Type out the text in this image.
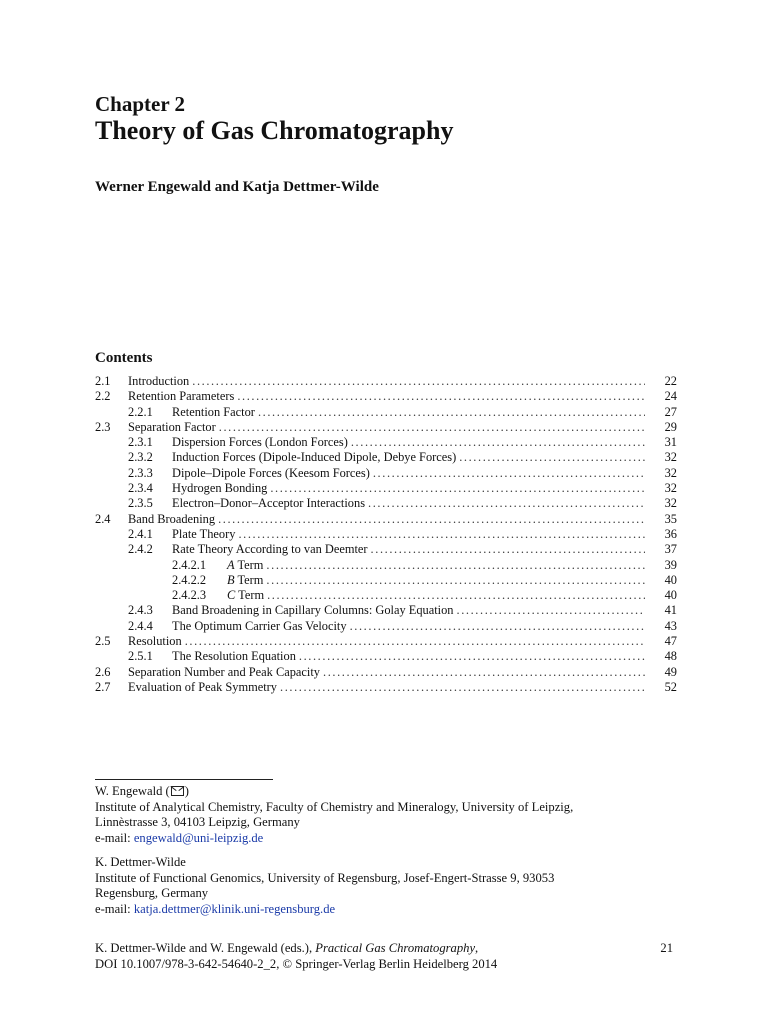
Chapter 2
Theory of Gas Chromatography
Werner Engewald and Katja Dettmer-Wilde
Contents
2.1	Introduction .....	22
2.2	Retention Parameters .....	24
2.2.1	Retention Factor .....	27
2.3	Separation Factor .....	29
2.3.1	Dispersion Forces (London Forces) .....	31
2.3.2	Induction Forces (Dipole-Induced Dipole, Debye Forces) .....	32
2.3.3	Dipole–Dipole Forces (Keesom Forces) .....	32
2.3.4	Hydrogen Bonding .....	32
2.3.5	Electron–Donor–Acceptor Interactions .....	32
2.4	Band Broadening .....	35
2.4.1	Plate Theory .....	36
2.4.2	Rate Theory According to van Deemter .....	37
2.4.2.1	A Term .....	39
2.4.2.2	B Term .....	40
2.4.2.3	C Term .....	40
2.4.3	Band Broadening in Capillary Columns: Golay Equation .....	41
2.4.4	The Optimum Carrier Gas Velocity .....	43
2.5	Resolution .....	47
2.5.1	The Resolution Equation .....	48
2.6	Separation Number and Peak Capacity .....	49
2.7	Evaluation of Peak Symmetry .....	52
W. Engewald ( )
Institute of Analytical Chemistry, Faculty of Chemistry and Mineralogy, University of Leipzig,
Linnèstrasse 3, 04103 Leipzig, Germany
e-mail: engewald@uni-leipzig.de
K. Dettmer-Wilde
Institute of Functional Genomics, University of Regensburg, Josef-Engert-Strasse 9, 93053
Regensburg, Germany
e-mail: katja.dettmer@klinik.uni-regensburg.de
K. Dettmer-Wilde and W. Engewald (eds.), Practical Gas Chromatography,
DOI 10.1007/978-3-642-54640-2_2, © Springer-Verlag Berlin Heidelberg 2014
21
